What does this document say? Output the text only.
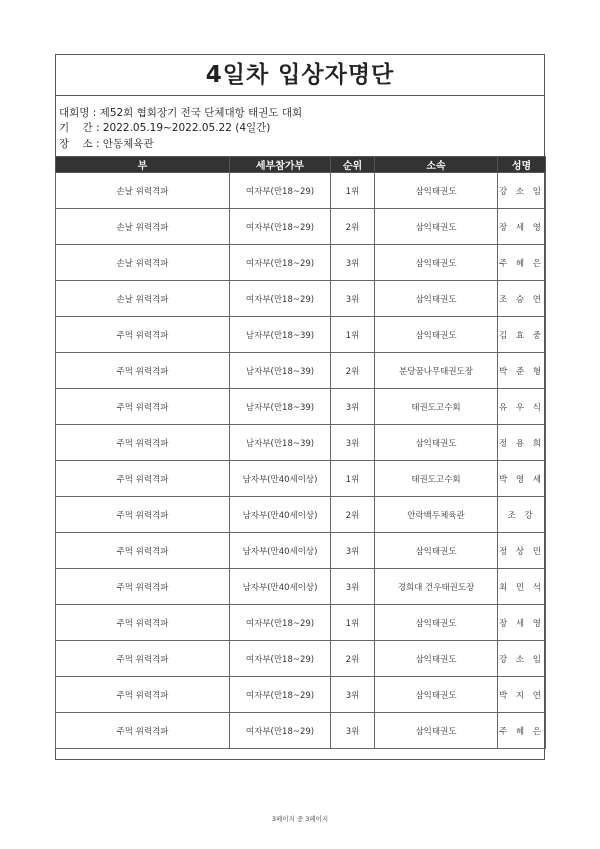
4일차 입상자명단
대회명 : 제52회 협회장기 전국 단체대항 태권도 대회
기    간 : 2022.05.19~2022.05.22 (4일간)
장    소 : 안동체육관
부	세부참가부	순위	소속	성명
손날 위력격파	여자부(만18~29)	1위	삼익태권도	강 소 임
손날 위력격파	여자부(만18~29)	2위	삼익태권도	장 세 영
손날 위력격파	여자부(만18~29)	3위	삼익태권도	주 혜 은
손날 위력격파	여자부(만18~29)	3위	삼익태권도	조 승 연
주먹 위력격파	남자부(만18~39)	1위	삼익태권도	김 효 중
주먹 위력격파	남자부(만18~39)	2위	분당꿈나무태권도장	박 준 형
주먹 위력격파	남자부(만18~39)	3위	태권도고수회	유 우 식
주먹 위력격파	남자부(만18~39)	3위	삼익태권도	정 용 희
주먹 위력격파	남자부(만40세이상)	1위	태권도고수회	박 영 세
주먹 위력격파	남자부(만40세이상)	2위	안락백두체육관	조 강
주먹 위력격파	남자부(만40세이상)	3위	삼익태권도	정 상 민
주먹 위력격파	남자부(만40세이상)	3위	경희대 건우태권도장	최 민 석
주먹 위력격파	여자부(만18~29)	1위	삼익태권도	장 세 영
주먹 위력격파	여자부(만18~29)	2위	삼익태권도	강 소 임
주먹 위력격파	여자부(만18~29)	3위	삼익태권도	박 지 연
주먹 위력격파	여자부(만18~29)	3위	삼익태권도	주 혜 은
3페이지 중 3페이지
